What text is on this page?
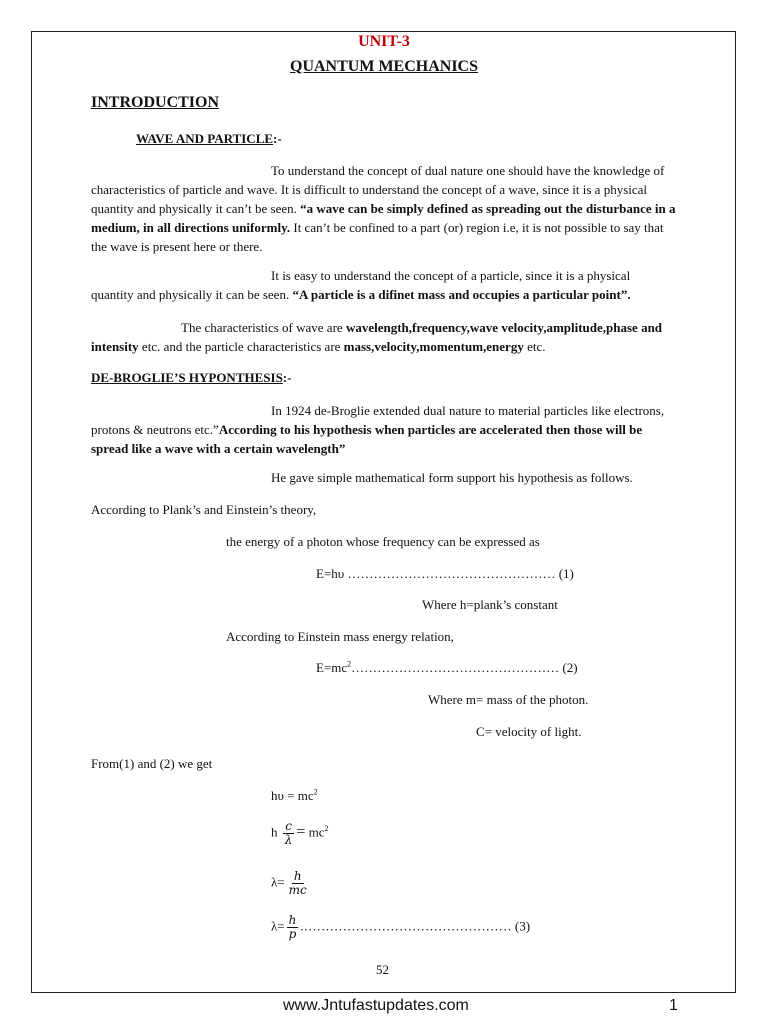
UNIT-3
QUANTUM MECHANICS
INTRODUCTION
WAVE AND PARTICLE:-
To understand the concept of dual nature one should have the knowledge of characteristics of particle and wave. It is difficult to understand the concept of a wave, since it is a physical quantity and physically it can’t be seen. “a wave can be simply defined as spreading out the disturbance in a medium, in all directions uniformly. It can’t be confined to a part (or) region i.e, it is not possible to say that the wave is present here or there.
It is easy to understand the concept of a particle, since it is a physical quantity and physically it can be seen. “A particle is a difinet mass and occupies a particular point”.
The characteristics of wave are wavelength,frequency,wave velocity,amplitude,phase and intensity etc. and the particle characteristics are mass,velocity,momentum,energy etc.
DE-BROGLIE’S HYPONTHESIS:-
In 1924 de-Broglie extended dual nature to material particles like electrons, protons & neutrons etc.”According to his hypothesis when particles are accelerated then those will be spread like a wave with a certain wavelength”
He gave simple mathematical form support his hypothesis as follows.
According to Plank’s and Einstein’s theory,
the energy of a photon whose frequency can be expressed as
E=hυ ………………………………………… (1)
Where h=plank’s constant
According to Einstein mass energy relation,
$E=mc^2\dots\dots\dots\dots\dots\dots\dots\dots\dots\dots\dots\dots\dots\dots\dots\dots$ (2)
Where m= mass of the photon.
C= velocity of light.
From(1) and (2) we get
$h\upsilon = mc^2$
h $\frac{c}{\lambda} = mc^2$
$\lambda= \frac{h}{mc}$
$\lambda= \frac{h}{p}$ .………………………………………… (3)
52
www.Jntufastupdates.com	1
